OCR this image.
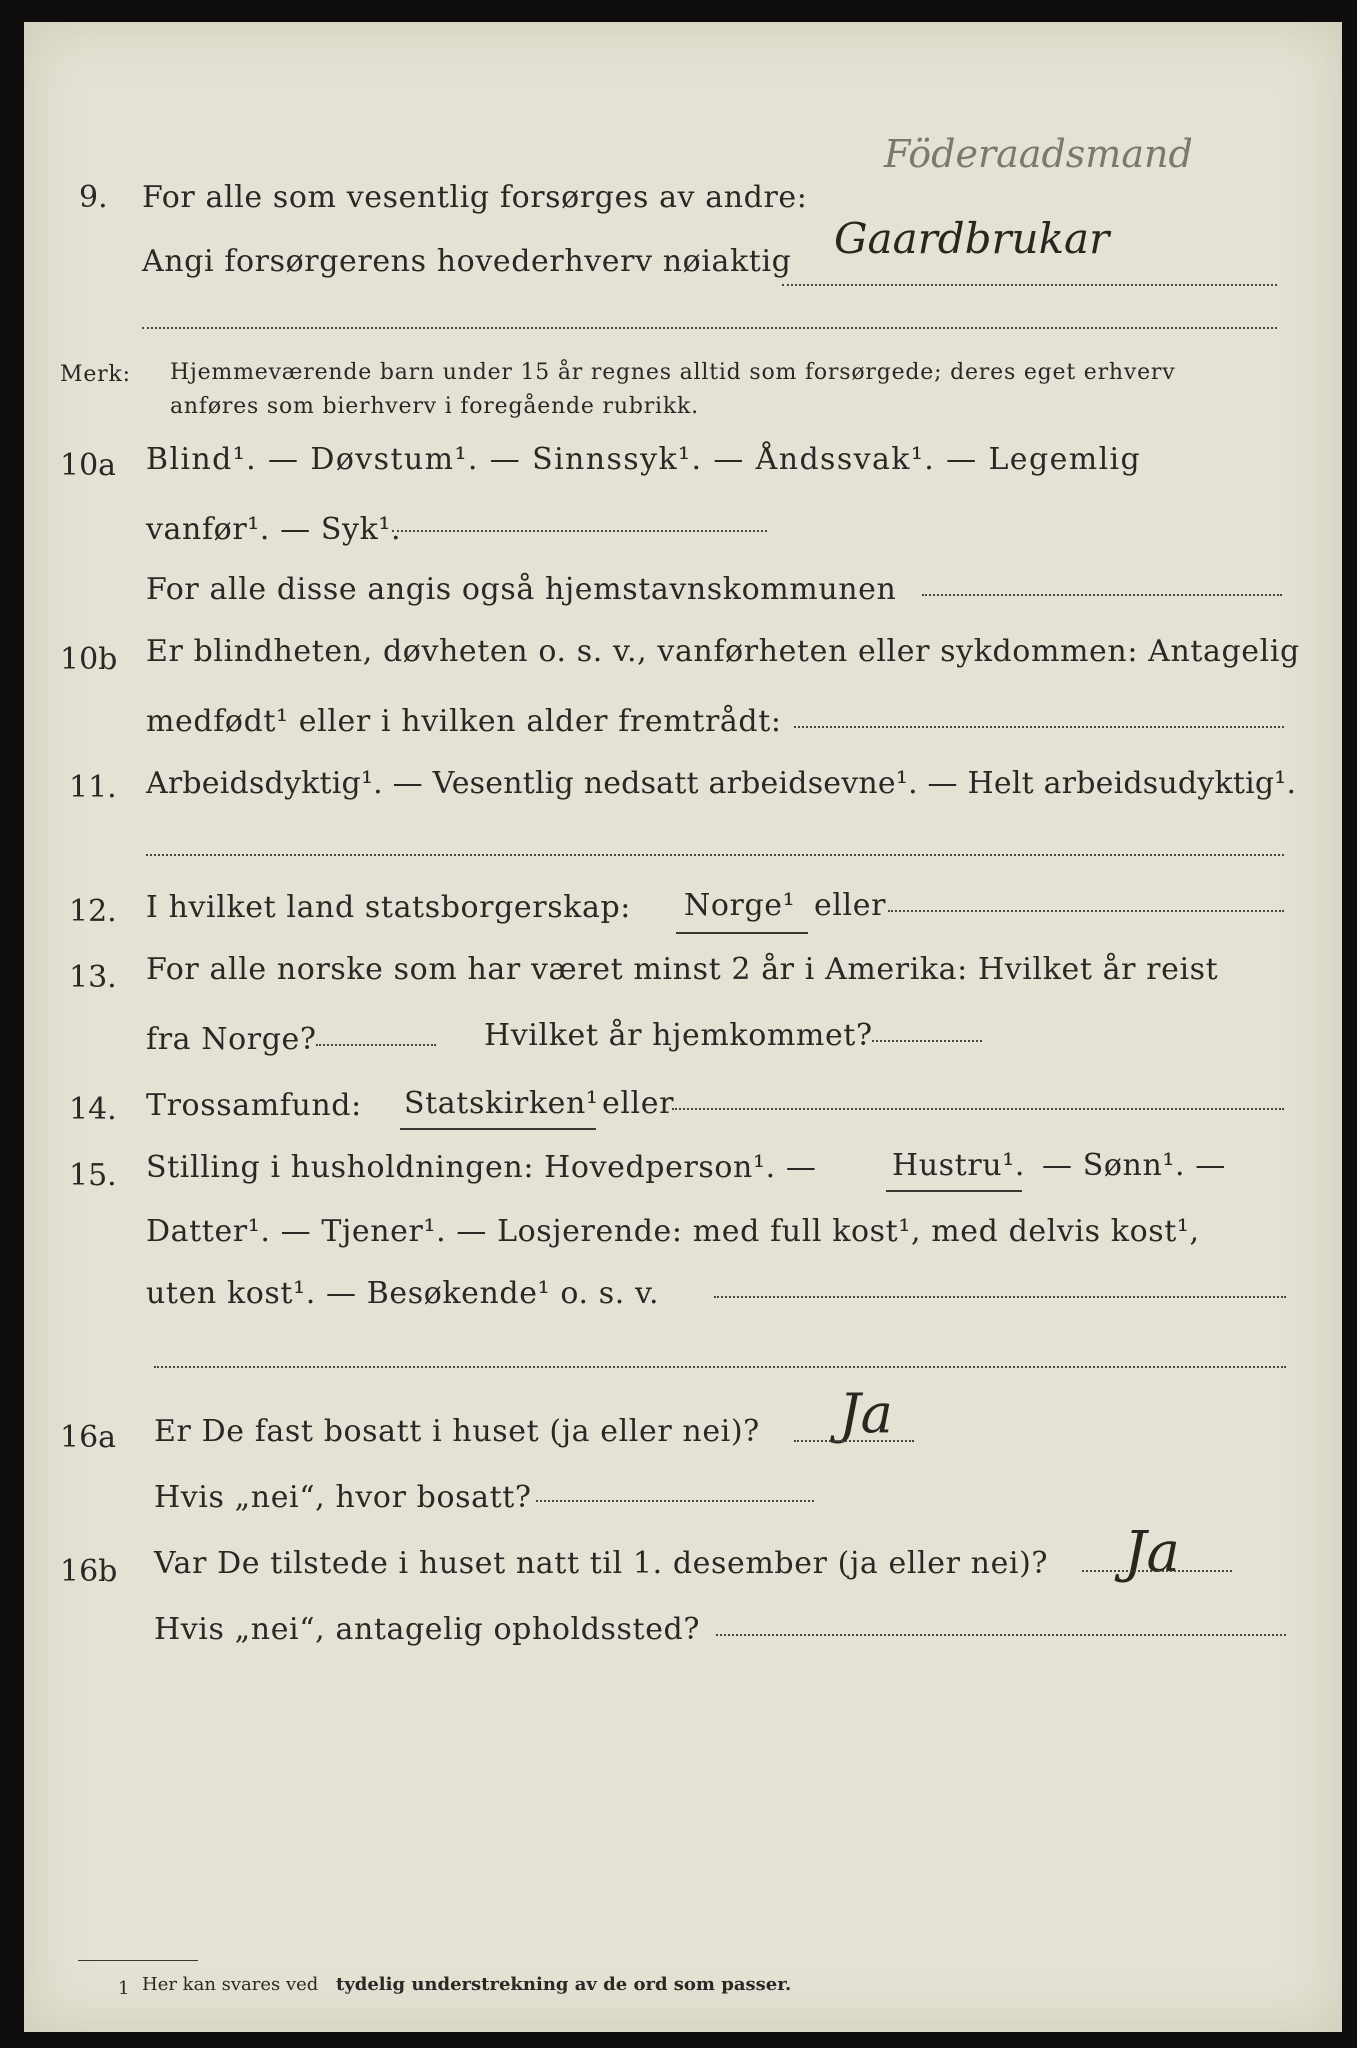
9. For alle som vesentlig forsørges av andre:
Föderaadsmand
Angi forsørgerens hovederhverv nøiaktig Gaardbrukar
Merk: Hjemmeværende barn under 15 år regnes alltid som forsørgede; deres eget erhverv
anføres som bierhverv i foregående rubrikk.
10a Blind¹. — Døvstum¹. — Sinnssyk¹. — Åndssvak¹. — Legemlig
vanfør¹. — Syk¹.
For alle disse angis også hjemstavnskommunen
10b Er blindheten, døvheten o. s. v., vanførheten eller sykdommen: Antagelig
medfødt¹ eller i hvilken alder fremtrådt:
11. Arbeidsdyktig¹. — Vesentlig nedsatt arbeidsevne¹. — Helt arbeidsudyktig¹.
12. I hvilket land statsborgerskap: Norge¹ eller
13. For alle norske som har været minst 2 år i Amerika: Hvilket år reist
fra Norge?	Hvilket år hjemkommet?
14. Trossamfund: Statskirken¹ eller
15. Stilling i husholdningen: Hovedperson¹. —	Hustru¹. — Sønn¹. —
Datter¹. — Tjener¹. — Losjerende: med full kost¹, med delvis kost¹,
uten kost¹. — Besøkende¹ o. s. v.
16a Er De fast bosatt i huset (ja eller nei)? Ja
Hvis „nei“, hvor bosatt?
16b Var De tilstede i huset natt til 1. desember (ja eller nei)? Ja
Hvis „nei“, antagelig opholdssted?
1 Her kan svares ved tydelig understrekning av de ord som passer.
